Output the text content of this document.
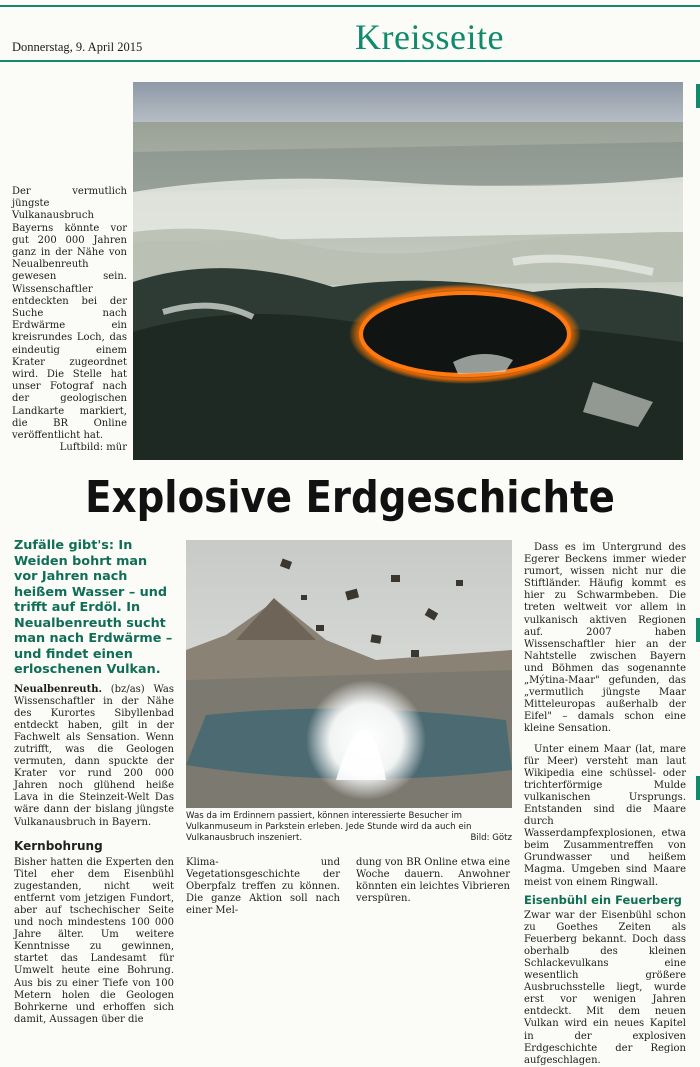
Donnerstag, 9. April 2015	Kreisseite
Der vermutlich jüngste Vulkanausbruch Bayerns könnte vor gut 200 000 Jahren ganz in der Nähe von Neualbenreuth gewesen sein. Wissenschaftler entdeckten bei der Suche nach Erdwärme ein kreisrundes Loch, das eindeutig einem Krater zugeordnet wird. Die Stelle hat unser Fotograf nach der geologischen Landkarte markiert, die BR Online veröffentlicht hat.
Luftbild: mür
Explosive Erdgeschichte

Zufälle gibt's: In Weiden bohrt man vor Jahren nach heißem Wasser – und trifft auf Erdöl. In Neualbenreuth sucht man nach Erdwärme – und findet einen erloschenen Vulkan.

Neualbenreuth. (bz/as) Was Wissenschaftler in der Nähe des Kurortes Sibyllenbad entdeckt haben, gilt in der Fachwelt als Sensation. Wenn zutrifft, was die Geologen vermuten, dann spuckte der Krater vor rund 200 000 Jahren noch glühend heiße Lava in die Steinzeit-Welt Das wäre dann der bislang jüngste Vulkanausbruch in Bayern.

Kernbohrung

Bisher hatten die Experten den Titel eher dem Eisenbühl zugestanden, nicht weit entfernt vom jetzigen Fundort, aber auf tschechischer Seite und noch mindestens 100 000 Jahre älter. Um weitere Kenntnisse zu gewinnen, startet das Landesamt für Umwelt heute eine Bohrung. Aus bis zu einer Tiefe von 100 Metern holen die Geologen Bohrkerne und erhoffen sich damit, Aussagen über die

Was da im Erdinnern passiert, können interessierte Besucher im Vulkanmuseum in Parkstein erleben. Jede Stunde wird da auch ein Vulkanausbruch inszeniert.	Bild: Götz
Klima- und Vegetationsgeschichte der Oberpfalz treffen zu können. Die ganze Aktion soll nach einer Mel-
dung von BR Online etwa eine Woche dauern. Anwohner könnten ein leichtes Vibrieren verspüren.

Dass es im Untergrund des Egerer Beckens immer wieder rumort, wissen nicht nur die Stiftländer. Häufig kommt es hier zu Schwarmbeben. Die treten weltweit vor allem in vulkanisch aktiven Regionen auf. 2007 haben Wissenschaftler hier an der Nahtstelle zwischen Bayern und Böhmen das sogenannte „Mýtina-Maar" gefunden, das „vermutlich jüngste Maar Mitteleuropas außerhalb der Eifel" – damals schon eine kleine Sensation.

Unter einem Maar (lat, mare für Meer) versteht man laut Wikipedia eine schüssel- oder trichterförmige Mulde vulkanischen Ursprungs. Entstanden sind die Maare durch Wasserdampfexplosionen, etwa beim Zusammentreffen von Grundwasser und heißem Magma. Umgeben sind Maare meist von einem Ringwall.

Eisenbühl ein Feuerberg

Zwar war der Eisenbühl schon zu Goethes Zeiten als Feuerberg bekannt. Doch dass oberhalb des kleinen Schlackevulkans eine wesentlich größere Ausbruchsstelle liegt, wurde erst vor wenigen Jahren entdeckt. Mit dem neuen Vulkan wird ein neues Kapitel in der explosiven Erdgeschichte der Region aufgeschlagen.
